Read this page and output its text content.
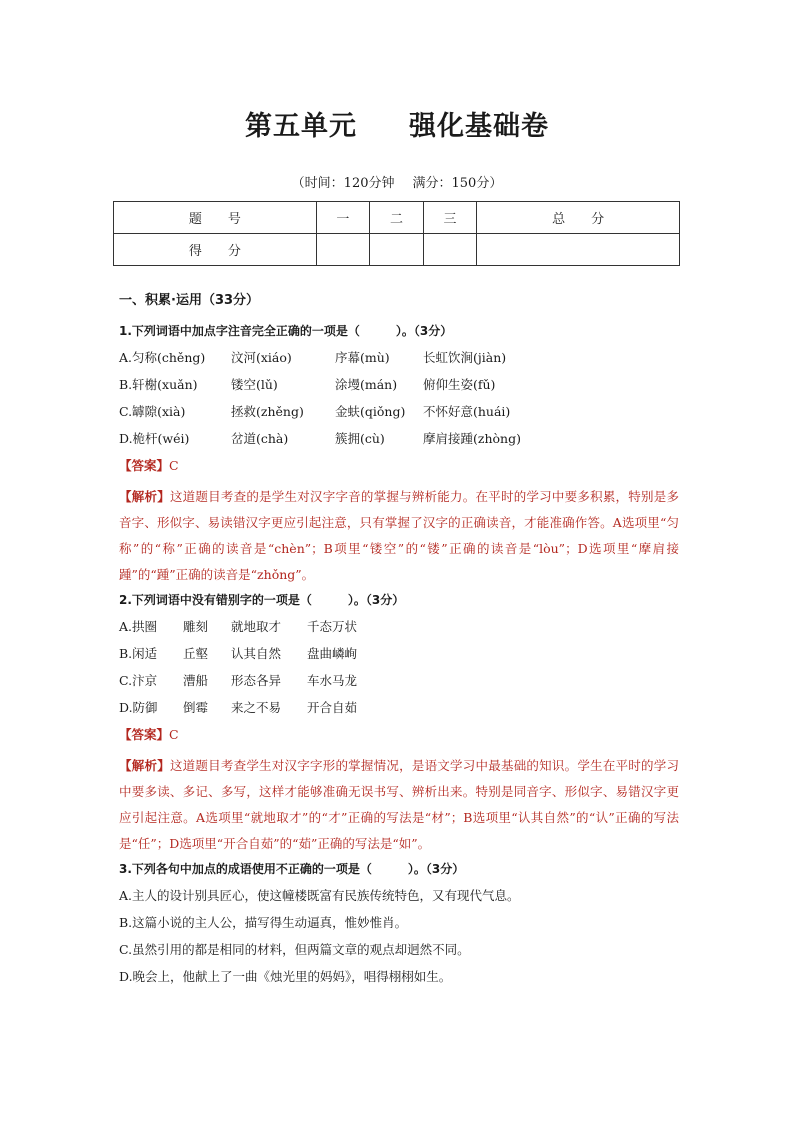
第五单元 强化基础卷
（时间：120分钟 满分：150分）
题　　号	一	二	三	总　　分
得　　分				
一、积累·运用（33分）
1.下列词语中加点字注音完全正确的一项是（　　　）。（3分）
A.匀称(chěng) 汶河(xiáo)	序幕(mù)	长虹饮涧(jiàn)
B.轩榭(xuǎn)	镂空(lǔ)	涂墁(mán) 俯仰生姿(fǔ)
C.罅隙(xià)	拯救(zhěng) 金蚨(qiǒng) 不怀好意(huái)
D.桅杆(wéi)	岔道(chà)	簇拥(cù)	摩肩接踵(zhòng)
【答案】C
【解析】这道题目考查的是学生对汉字字音的掌握与辨析能力。在平时的学习中要多积累，特别是多音字、形似字、易读错汉字更应引起注意，只有掌握了汉字的正确读音，才能准确作答。A选项里“匀称”的“称”正确的读音是“chèn”；B项里“镂空”的“镂”正确的读音是“lòu”；D选项里“摩肩接踵”的“踵”正确的读音是“zhǒng”。
2.下列词语中没有错别字的一项是（　　　）。（3分）
A.拱圈 雕刻 就地取才 千态万状
B.闲适 丘壑 认其自然 盘曲嶙峋
C.汴京 漕船 形态各异 车水马龙
D.防御 倒霉 来之不易 开合自茹
【答案】C
【解析】这道题目考查学生对汉字字形的掌握情况，是语文学习中最基础的知识。学生在平时的学习中要多读、多记、多写，这样才能够准确无误书写、辨析出来。特别是同音字、形似字、易错汉字更应引起注意。A选项里“就地取才”的“才”正确的写法是“材”；B选项里“认其自然”的“认”正确的写法是“任”；D选项里“开合自茹”的“茹”正确的写法是“如”。
3.下列各句中加点的成语使用不正确的一项是（　　　）。（3分）
A.主人的设计别具匠心，使这幢楼既富有民族传统特色，又有现代气息。
B.这篇小说的主人公，描写得生动逼真，惟妙惟肖。
C.虽然引用的都是相同的材料，但两篇文章的观点却迥然不同。
D.晚会上，他献上了一曲《烛光里的妈妈》，唱得栩栩如生。
